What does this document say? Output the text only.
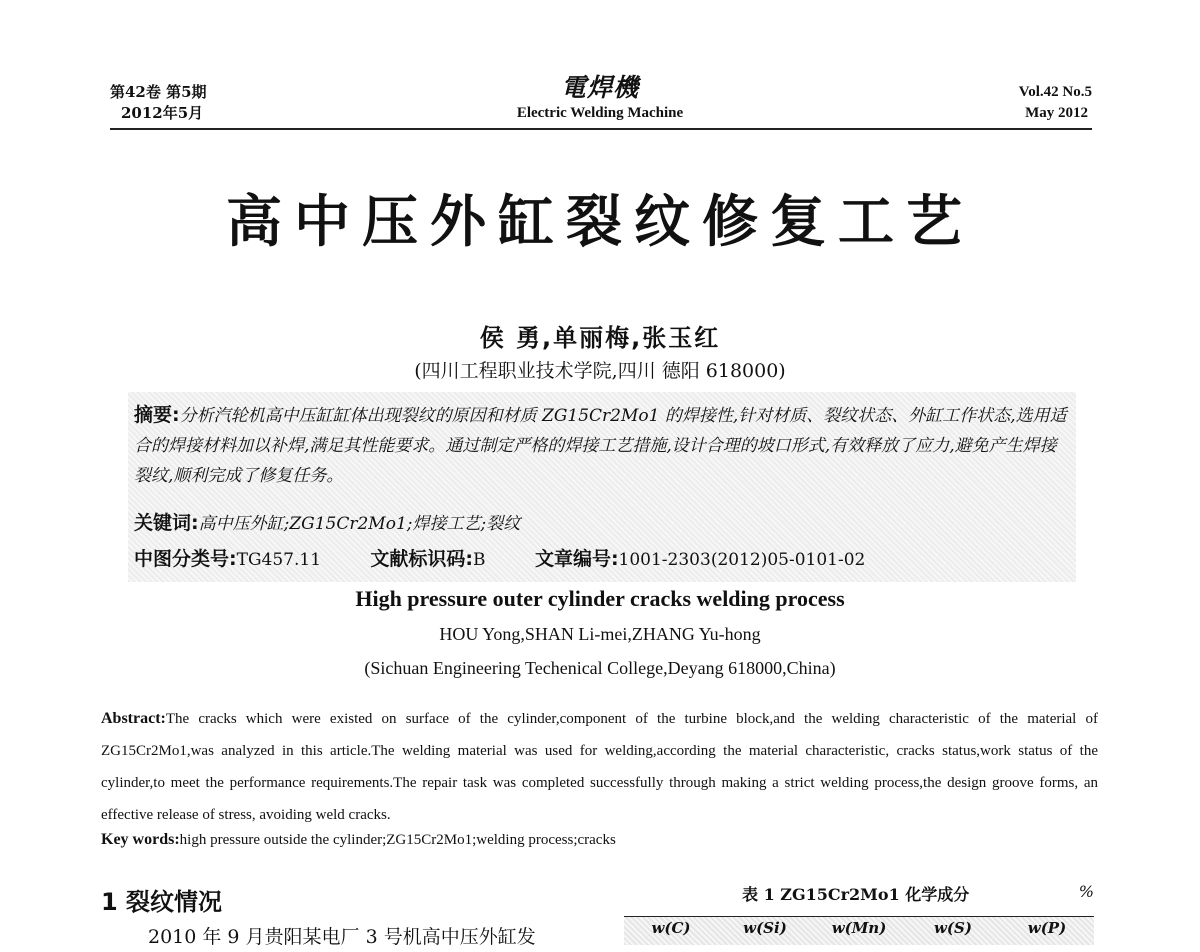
第42卷 第5期
2012年5月
電焊機
Electric Welding Machine
Vol.42 No.5
May 2012
高中压外缸裂纹修复工艺
侯 勇,单丽梅,张玉红
(四川工程职业技术学院,四川 德阳 618000)
摘要:分析汽轮机高中压缸缸体出现裂纹的原因和材质 ZG15Cr2Mo1 的焊接性,针对材质、裂纹状态、外缸工作状态,选用适合的焊接材料加以补焊,满足其性能要求。通过制定严格的焊接工艺措施,设计合理的坡口形式,有效释放了应力,避免产生焊接裂纹,顺利完成了修复任务。
关键词:高中压外缸;ZG15Cr2Mo1;焊接工艺;裂纹
中图分类号:TG457.11	文献标识码:B	文章编号:1001-2303(2012)05-0101-02
High pressure outer cylinder cracks welding process
HOU Yong,SHAN Li-mei,ZHANG Yu-hong
(Sichuan Engineering Techenical College,Deyang 618000,China)
Abstract:The cracks which were existed on surface of the cylinder,component of the turbine block,and the welding characteristic of the material of ZG15Cr2Mo1,was analyzed in this article.The welding material was used for welding,according the material characteristic, cracks status,work status of the cylinder,to meet the performance requirements.The repair task was completed successfully through making a strict welding process,the design groove forms, an effective release of stress, avoiding weld cracks.
Key words:high pressure outside the cylinder;ZG15Cr2Mo1;welding process;cracks
1 裂纹情况
2010 年 9 月贵阳某电厂 3 号机高中压外缸发
表 1 ZG15Cr2Mo1 化学成分	%
w(C)	w(Si)	w(Mn)	w(S)	w(P)
